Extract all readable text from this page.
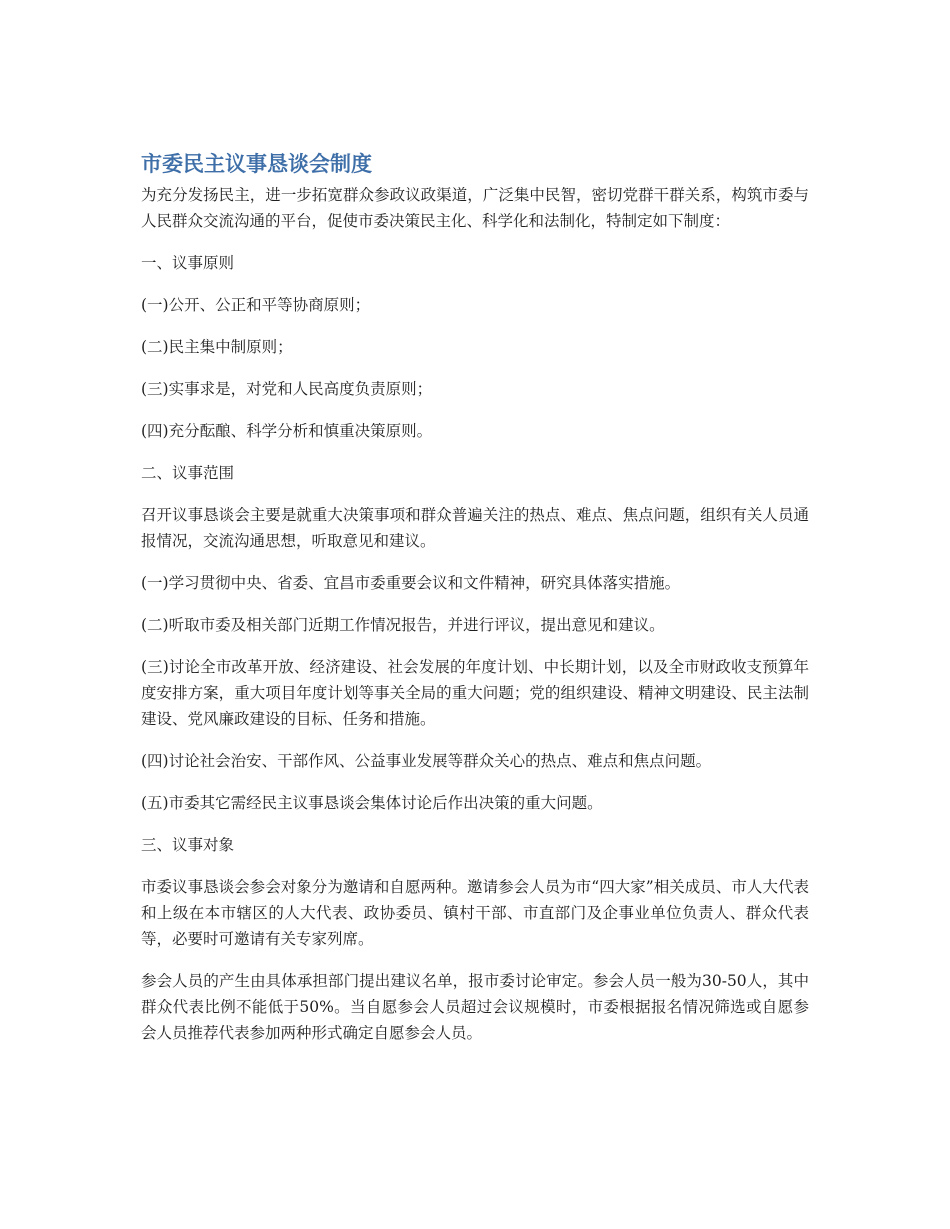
市委民主议事恳谈会制度

为充分发扬民主，进一步拓宽群众参政议政渠道，广泛集中民智，密切党群干群关系，构筑市委与人民群众交流沟通的平台，促使市委决策民主化、科学化和法制化，特制定如下制度：

一、议事原则

(一)公开、公正和平等协商原则；

(二)民主集中制原则；

(三)实事求是，对党和人民高度负责原则；

(四)充分酝酿、科学分析和慎重决策原则。

二、议事范围

召开议事恳谈会主要是就重大决策事项和群众普遍关注的热点、难点、焦点问题，组织有关人员通报情况，交流沟通思想，听取意见和建议。

(一)学习贯彻中央、省委、宜昌市委重要会议和文件精神，研究具体落实措施。

(二)听取市委及相关部门近期工作情况报告，并进行评议，提出意见和建议。

(三)讨论全市改革开放、经济建设、社会发展的年度计划、中长期计划，以及全市财政收支预算年度安排方案，重大项目年度计划等事关全局的重大问题；党的组织建设、精神文明建设、民主法制建设、党风廉政建设的目标、任务和措施。

(四)讨论社会治安、干部作风、公益事业发展等群众关心的热点、难点和焦点问题。

(五)市委其它需经民主议事恳谈会集体讨论后作出决策的重大问题。

三、议事对象

市委议事恳谈会参会对象分为邀请和自愿两种。邀请参会人员为市“四大家”相关成员、市人大代表和上级在本市辖区的人大代表、政协委员、镇村干部、市直部门及企事业单位负责人、群众代表等，必要时可邀请有关专家列席。

参会人员的产生由具体承担部门提出建议名单，报市委讨论审定。参会人员一般为30-50人，其中群众代表比例不能低于50%。当自愿参会人员超过会议规模时，市委根据报名情况筛选或自愿参会人员推荐代表参加两种形式确定自愿参会人员。
